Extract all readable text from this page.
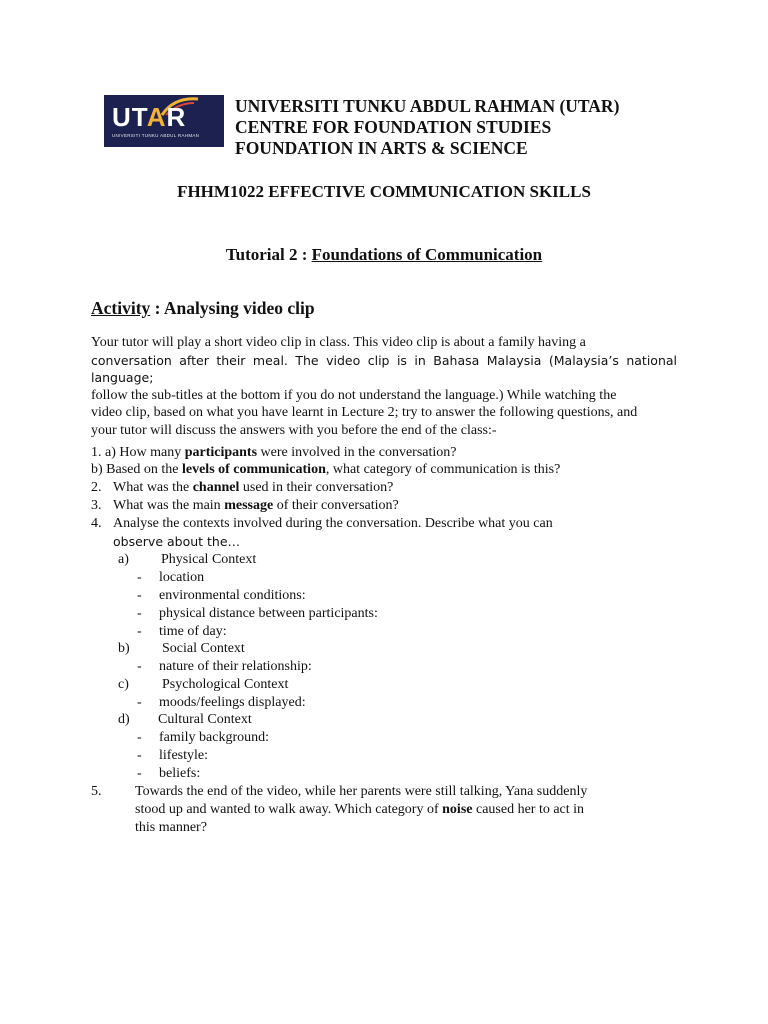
UTAR
UNIVERSITI TUNKU ABDUL RAHMAN
UNIVERSITI TUNKU ABDUL RAHMAN (UTAR)
CENTRE FOR FOUNDATION STUDIES
FOUNDATION IN ARTS & SCIENCE
FHHM1022 EFFECTIVE COMMUNICATION SKILLS
Tutorial 2 : Foundations of Communication
Activity : Analysing video clip
Your tutor will play a short video clip in class. This video clip is about a family having a
conversation after their meal. The video clip is in Bahasa Malaysia (Malaysia’s national language;
follow the sub-titles at the bottom if you do not understand the language.) While watching the
video clip, based on what you have learnt in Lecture 2; try to answer the following questions, and
your tutor will discuss the answers with you before the end of the class:-
1. a) How many participants were involved in the conversation?
b) Based on the levels of communication, what category of communication is this?
2. What was the channel used in their conversation?
3. What was the main message of their conversation?
4. Analyse the contexts involved during the conversation. Describe what you can
observe about the…
a) Physical Context
- location
- environmental conditions:
- physical distance between participants:
- time of day:
b) Social Context
- nature of their relationship:
c) Psychological Context
- moods/feelings displayed:
d) Cultural Context
- family background:
- lifestyle:
- beliefs:
5. Towards the end of the video, while her parents were still talking, Yana suddenly
stood up and wanted to walk away. Which category of noise caused her to act in
this manner?
